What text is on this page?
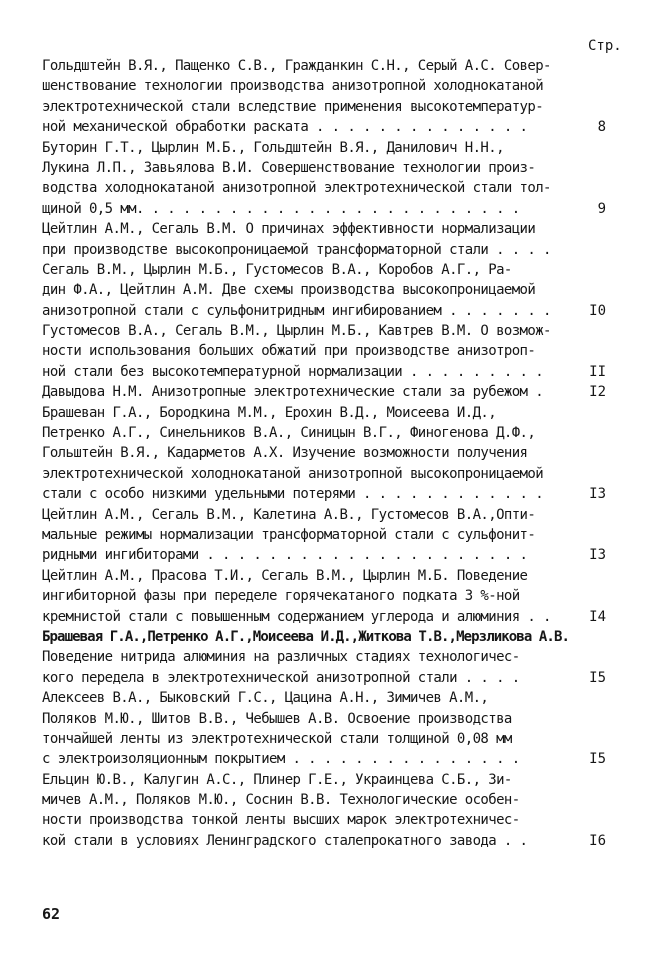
Стр.
Гольдштейн В.Я., Пащенко С.В., Гражданкин С.Н., Серый А.С. Совер-
шенствование технологии производства анизотропной холоднокатаной
электротехнической стали вследствие применения высокотемператур-
ной механической обработки раската . . . . . . . . . . . . . .	8
Буторин Г.Т., Цырлин М.Б., Гольдштейн В.Я., Данилович Н.Н.,
Лукина Л.П., Завьялова В.И. Совершенствование технологии произ-
водства холоднокатаной анизотропной электротехнической стали тол-
щиной 0,5 мм. . . . . . . . . . . . . . . . . . . . . . . . .	9
Цейтлин А.М., Сегаль В.М. О причинах эффективности нормализации
при производстве высокопроницаемой трансформаторной стали . . . .
Сегаль В.М., Цырлин М.Б., Густомесов В.А., Коробов А.Г., Ра-
дин Ф.А., Цейтлин А.М. Две схемы производства высокопроницаемой
анизотропной стали с сульфонитридным ингибированием . . . . . . .	I0
Густомесов В.А., Сегаль В.М., Цырлин М.Б., Кавтрев В.М. О возмож-
ности использования больших обжатий при производстве анизотроп-
ной стали без высокотемпературной нормализации . . . . . . . . .	II
Давыдова Н.М. Анизотропные электротехнические стали за рубежом .	I2
Брашеван Г.А., Бородкина М.М., Ерохин В.Д., Моисеева И.Д.,
Петренко А.Г., Синельников В.А., Синицын В.Г., Финогенова Д.Ф.,
Гольштейн В.Я., Кадарметов А.Х. Изучение возможности получения
электротехнической холоднокатаной анизотропной высокопроницаемой
стали с особо низкими удельными потерями . . . . . . . . . . . .	I3
Цейтлин А.М., Сегаль В.М., Калетина А.В., Густомесов В.А.,Опти-
мальные режимы нормализации трансформаторной стали с сульфонит-
ридными ингибиторами . . . . . . . . . . . . . . . . . . . . .	I3
Цейтлин А.М., Прасова Т.И., Сегаль В.М., Цырлин М.Б. Поведение
ингибиторной фазы при переделе горячекатаного подката 3 %-ной
кремнистой стали с повышенным содержанием углерода и алюминия . .	I4
Брашевая Г.А.,Петренко А.Г.,Моисеева И.Д.,Житкова Т.В.,Мерзликова А.В.
Поведение нитрида алюминия на различных стадиях технологичес-
кого передела в электротехнической анизотропной стали . . . .	I5
Алексеев В.А., Быковский Г.С., Цацина А.Н., Зимичев А.М.,
Поляков М.Ю., Шитов В.В., Чебышев А.В. Освоение производства
тончайшей ленты из электротехнической стали толщиной 0,08 мм
с электроизоляционным покрытием . . . . . . . . . . . . . . .	I5
Ельцин Ю.В., Калугин А.С., Плинер Г.Е., Украинцева С.Б., Зи-
мичев А.М., Поляков М.Ю., Соснин В.В. Технологические особен-
ности производства тонкой ленты высших марок электротехничес-
кой стали в условиях Ленинградского сталепрокатного завода . .	I6
62
